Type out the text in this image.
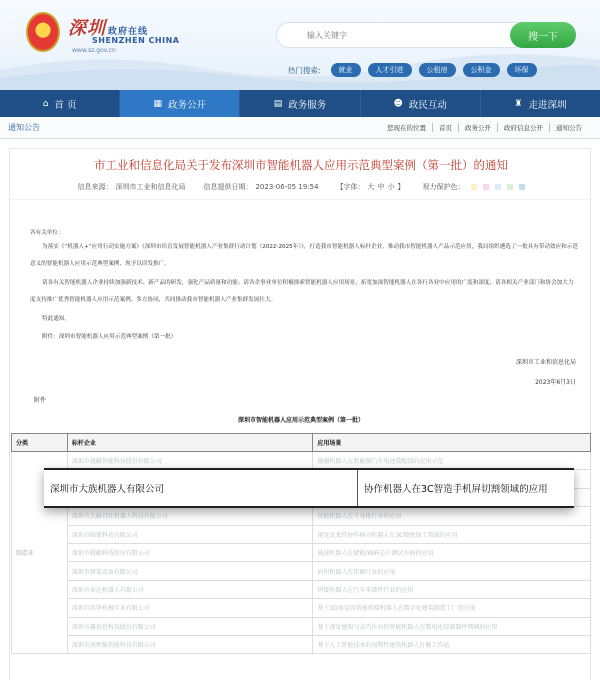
★
深圳 政府在线
SHENZHEN CHINA
www.sz.gov.cn
输入关键字
搜一下
热门搜索:	就业	人才引进	公租房	公积金	环保
⌂ 首 页	▦ 政务公开	▤ 政务服务	☻ 政民互动	♜ 走进深圳
通知公告	您现在的位置	首页	政务公开	政府信息公开	通知公告
市工业和信息化局关于发布深圳市智能机器人应用示范典型案例（第一批）的通知
信息来源： 深圳市工业和信息化局	信息提供日期： 2023-06-05 19:54	【字体： 大 中 小 】	视力保护色：
各有关单位：
为落实《“机器人+”应用行动实施方案》《深圳市培育发展智能机器人产业集群行动计划（2022-2025年）》，打造我市智能机器人标杆企业，推动我市智能机器人产品示范应用，我局组织遴选了一批具有带动效应和示范意义的智能机器人应用示范典型案例，现予以印发推广。
请各有关智能机器人企业持续加强新技术、新产品的研发，强化产品质量和功能；请各企事业单位积极探索智能机器人应用场景，拓宽加深智能机器人在各行各业中应用的广度和深度；请各相关产业部门和协会加大力度支持推广优秀智能机器人应用示范案例。多方协同，共同推动我市智能机器人产业集群发展壮大。
特此通知。
附件：深圳市智能机器人应用示范典型案例（第一批）
深圳市工业和信息化局
2023年6月3日
附件
深圳市智能机器人应用示范典型案例（第一批）
分类	标杆企业	应用场景
制造业	深圳市越疆智能科技股份有限公司	越疆机器人在新能源汽车电池装配线的应用示范

	深圳市大疆百旺机器人科技有限公司	智能机器人在半导体行业的应用
	深圳市圆蒙科技有限公司	视觉式柔性协作移动机器人在3C精密加工领域的应用
	深圳市越疆科技股份有限公司	减速机器人在储能/WiFi芯片测试车间的应用
	深圳市周显设备有限公司	码印机器人在印刷行业的应用
	深圳市泰达机器人有限公司	焊接机器人在汽车零部件行业的应用
	深圳市埃华机械实业有限公司	基于3D视觉的智能焊接机器人在数字化建筑制造工厂的应用
	深圳市鑫信息科技股份有限公司	基于视觉感知与灵巧作业的智能机器人在冀电化控制器件领域的应用
	深圳市海和强智能科技有限公司	基于人工智能技术的周期性建筑机器人打磨工作站
深圳市大族机器人有限公司	协作机器人在3C智造手机屏切割领域的应用
